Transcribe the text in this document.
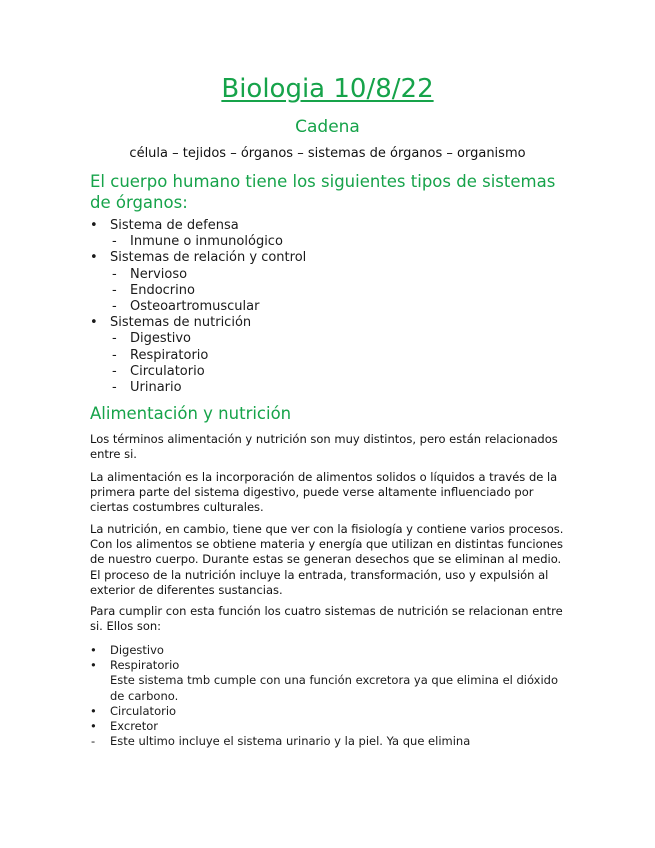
Biologia 10/8/22
Cadena
célula – tejidos – órganos – sistemas de órganos – organismo
El cuerpo humano tiene los siguientes tipos de sistemas de órganos:
• Sistema de defensa
- Inmune o inmunológico
• Sistemas de relación y control
- Nervioso
- Endocrino
- Osteoartromuscular
• Sistemas de nutrición
- Digestivo
- Respiratorio
- Circulatorio
- Urinario
Alimentación y nutrición

Los términos alimentación y nutrición son muy distintos, pero están relacionados entre si.

La alimentación es la incorporación de alimentos solidos o líquidos a través de la primera parte del sistema digestivo, puede verse altamente influenciado por ciertas costumbres culturales.

La nutrición, en cambio, tiene que ver con la fisiología y contiene varios procesos. Con los alimentos se obtiene materia y energía que utilizan en distintas funciones de nuestro cuerpo. Durante estas se generan desechos que se eliminan al medio. El proceso de la nutrición incluye la entrada, transformación, uso y expulsión al exterior de diferentes sustancias.

Para cumplir con esta función los cuatro sistemas de nutrición se relacionan entre si. Ellos son:

• Digestivo
• Respiratorio
Este sistema tmb cumple con una función excretora ya que elimina el dióxido de carbono.
• Circulatorio
• Excretor
- Este ultimo incluye el sistema urinario y la piel. Ya que elimina
